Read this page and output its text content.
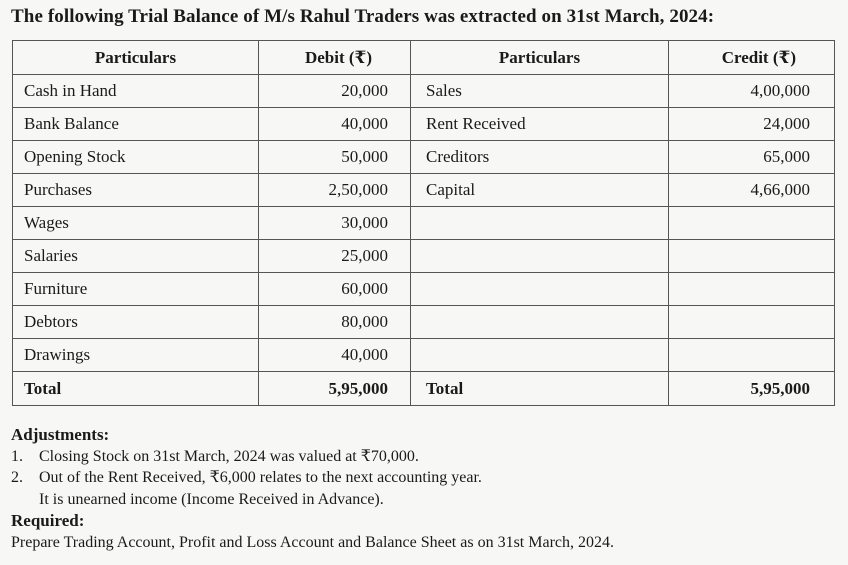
The following Trial Balance of M/s Rahul Traders was extracted on 31st March, 2024:
Particulars	Debit (₹)	Particulars	Credit (₹)
Cash in Hand	20,000	Sales	4,00,000
Bank Balance	40,000	Rent Received	24,000
Opening Stock	50,000	Creditors	65,000
Purchases	2,50,000	Capital	4,66,000
Wages	30,000		
Salaries	25,000		
Furniture	60,000		
Debtors	80,000		
Drawings	40,000		
Total	5,95,000	Total	5,95,000
Adjustments:
1.	Closing Stock on 31st March, 2024 was valued at ₹70,000.
2.	Out of the Rent Received, ₹6,000 relates to the next accounting year.
It is unearned income (Income Received in Advance).
Required:
Prepare Trading Account, Profit and Loss Account and Balance Sheet as on 31st March, 2024.
